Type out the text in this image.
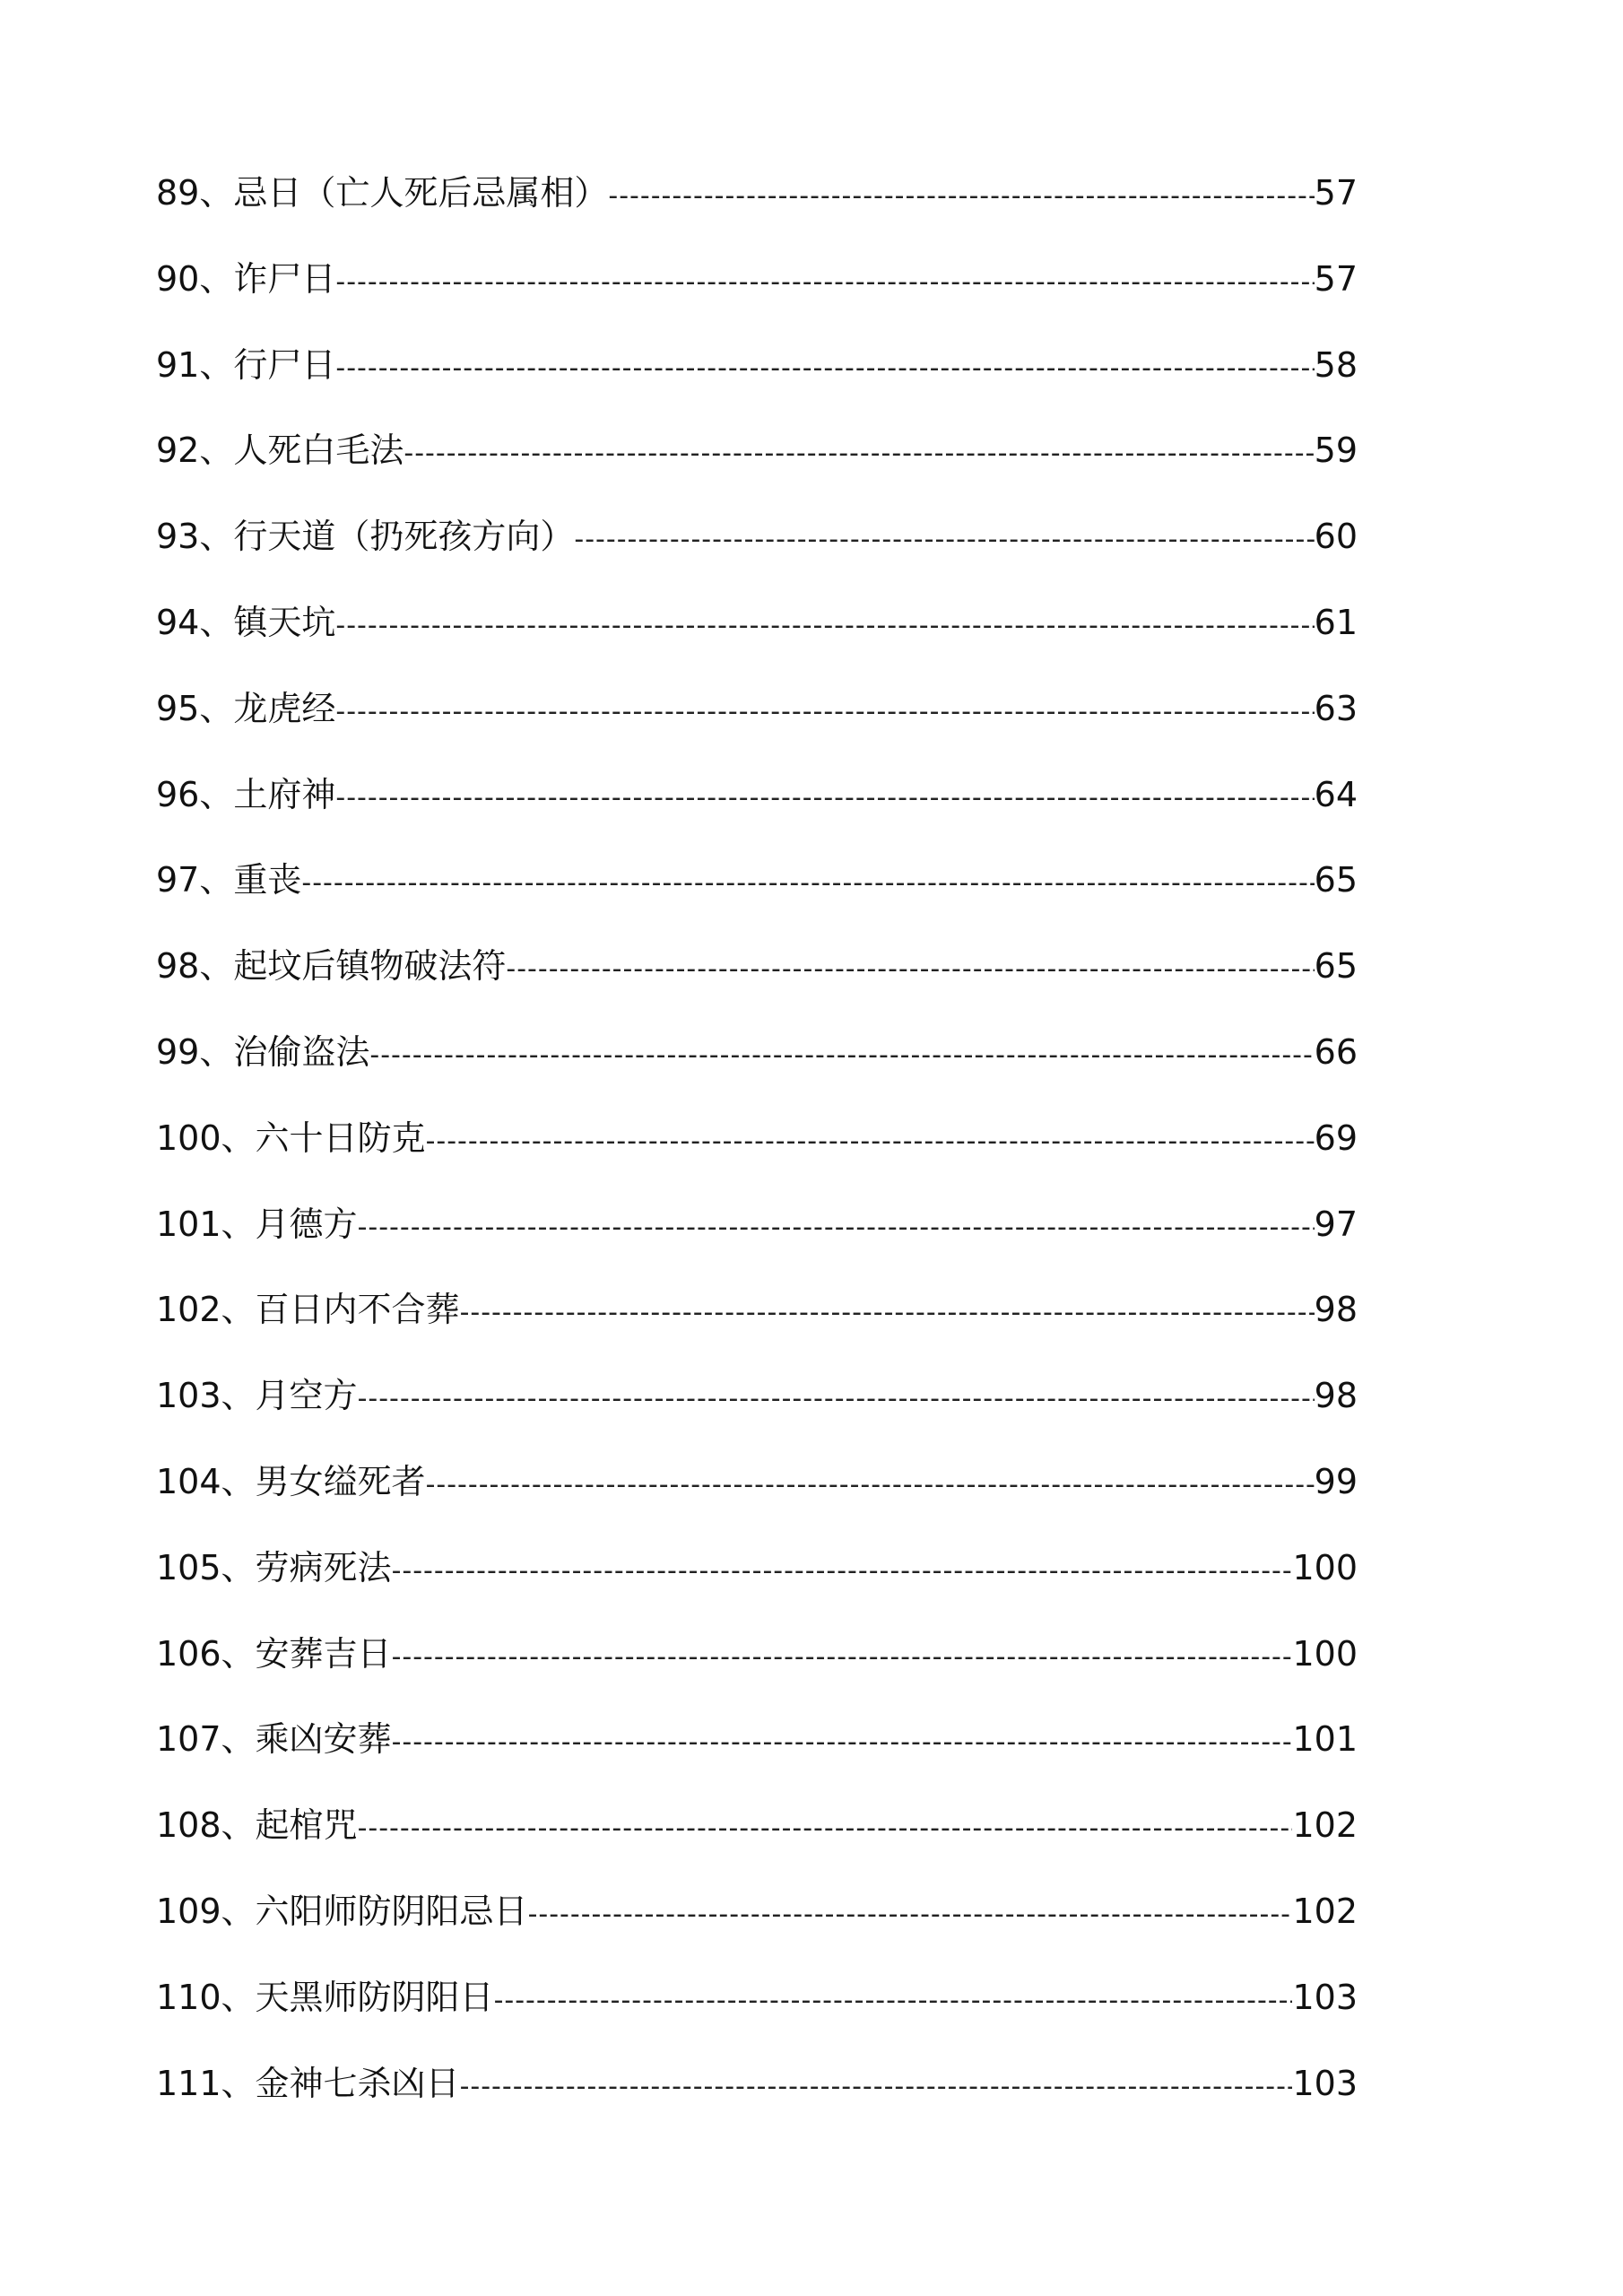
89 、 忌日（亡人死后忌属相） -----	57
90 、 诈尸日 -----	57
91 、 行尸日 -----	58
92 、 人死白毛法 -----	59
93 、 行天道（扔死孩方向） -----	60
94 、 镇天坑 -----	61
95 、 龙虎经 -----	63
96 、 土府神 -----	64
97 、 重丧 -----	65
98 、 起坟后镇物破法符 -----	65
99 、 治偷盗法 -----	66
100 、 六十日防克 -----	69
101 、 月德方 -----	97
102 、 百日内不合葬 -----	98
103 、 月空方 -----	98
104 、 男女缢死者 -----	99
105 、 劳病死法 -----	100
106 、 安葬吉日 -----	100
107 、 乘凶安葬 -----	101
108 、 起棺咒 -----	102
109 、 六阳师防阴阳忌日 -----	102
110 、 天黑师防阴阳日 -----	103
111 、 金神七杀凶日 -----	103
